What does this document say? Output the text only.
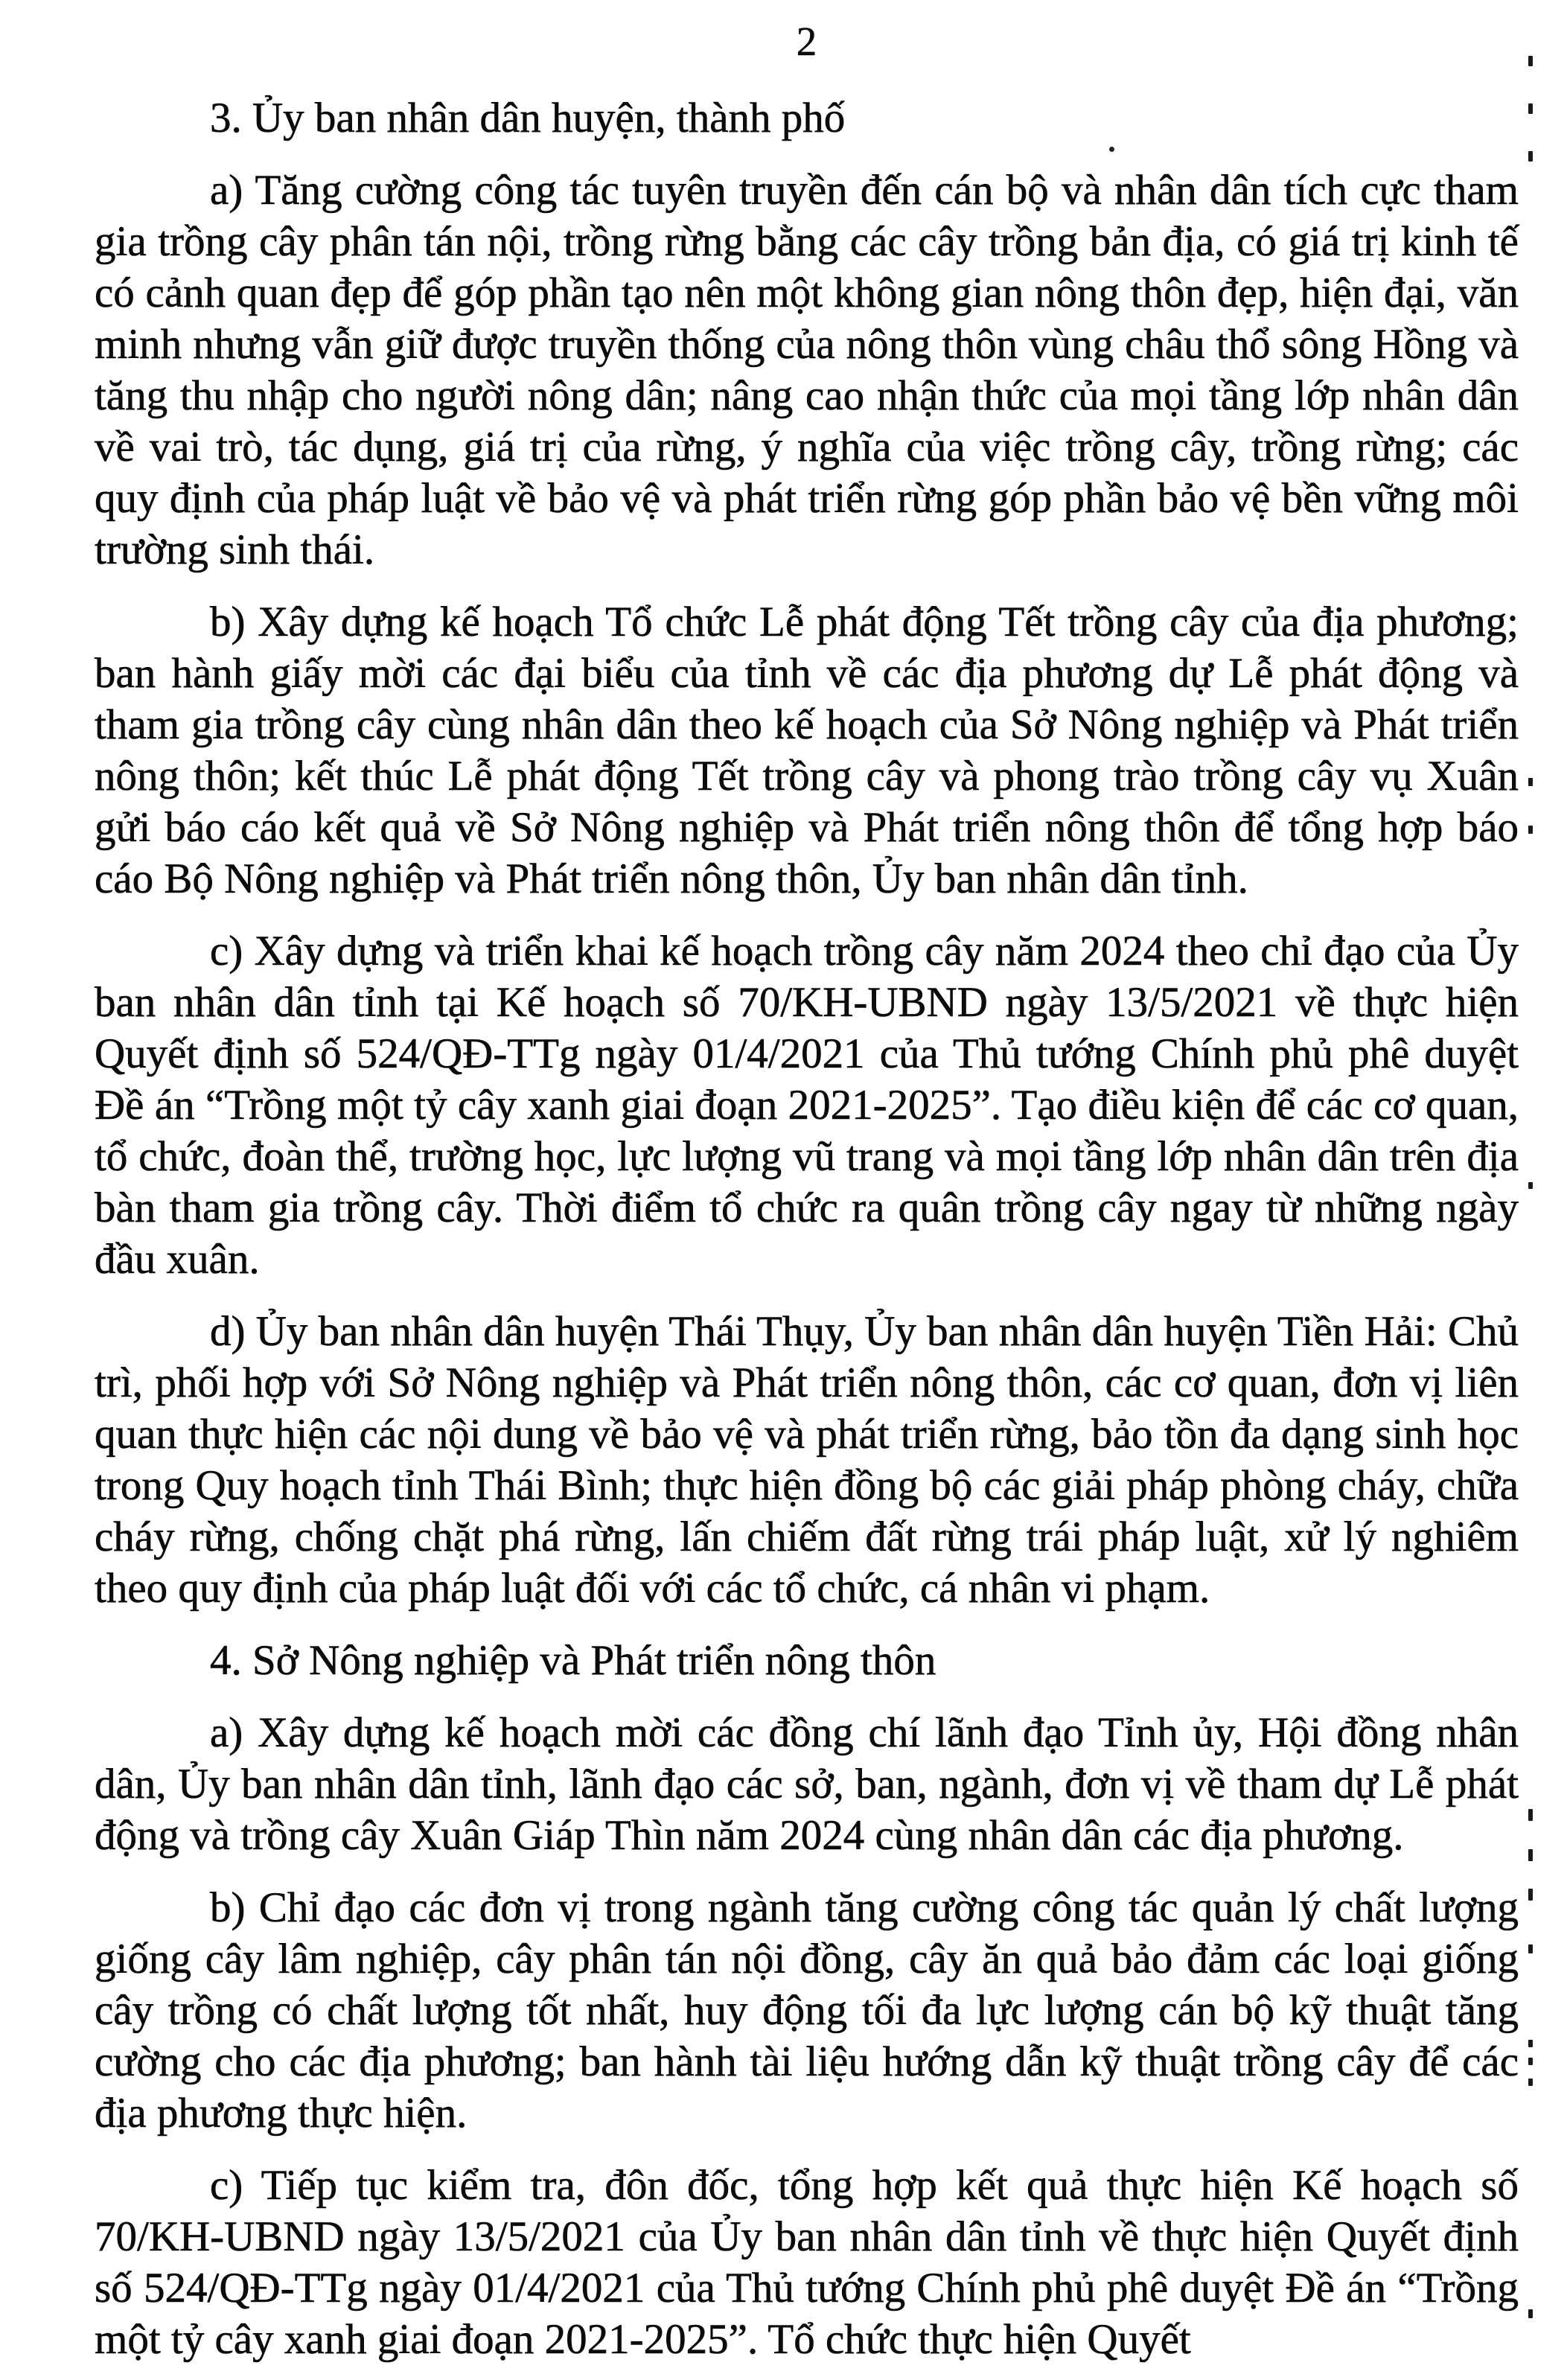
2

3. Ủy ban nhân dân huyện, thành phố

a) Tăng cường công tác tuyên truyền đến cán bộ và nhân dân tích cực tham gia trồng cây phân tán nội, trồng rừng bằng các cây trồng bản địa, có giá trị kinh tế có cảnh quan đẹp để góp phần tạo nên một không gian nông thôn đẹp, hiện đại, văn minh nhưng vẫn giữ được truyền thống của nông thôn vùng châu thổ sông Hồng và tăng thu nhập cho người nông dân; nâng cao nhận thức của mọi tầng lớp nhân dân về vai trò, tác dụng, giá trị của rừng, ý nghĩa của việc trồng cây, trồng rừng; các quy định của pháp luật về bảo vệ và phát triển rừng góp phần bảo vệ bền vững môi trường sinh thái.

b) Xây dựng kế hoạch Tổ chức Lễ phát động Tết trồng cây của địa phương; ban hành giấy mời các đại biểu của tỉnh về các địa phương dự Lễ phát động và tham gia trồng cây cùng nhân dân theo kế hoạch của Sở Nông nghiệp và Phát triển nông thôn; kết thúc Lễ phát động Tết trồng cây và phong trào trồng cây vụ Xuân gửi báo cáo kết quả về Sở Nông nghiệp và Phát triển nông thôn để tổng hợp báo cáo Bộ Nông nghiệp và Phát triển nông thôn, Ủy ban nhân dân tỉnh.

c) Xây dựng và triển khai kế hoạch trồng cây năm 2024 theo chỉ đạo của Ủy ban nhân dân tỉnh tại Kế hoạch số 70/KH-UBND ngày 13/5/2021 về thực hiện Quyết định số 524/QĐ-TTg ngày 01/4/2021 của Thủ tướng Chính phủ phê duyệt Đề án “Trồng một tỷ cây xanh giai đoạn 2021-2025”. Tạo điều kiện để các cơ quan, tổ chức, đoàn thể, trường học, lực lượng vũ trang và mọi tầng lớp nhân dân trên địa bàn tham gia trồng cây. Thời điểm tổ chức ra quân trồng cây ngay từ những ngày đầu xuân.

d) Ủy ban nhân dân huyện Thái Thụy, Ủy ban nhân dân huyện Tiền Hải: Chủ trì, phối hợp với Sở Nông nghiệp và Phát triển nông thôn, các cơ quan, đơn vị liên quan thực hiện các nội dung về bảo vệ và phát triển rừng, bảo tồn đa dạng sinh học trong Quy hoạch tỉnh Thái Bình; thực hiện đồng bộ các giải pháp phòng cháy, chữa cháy rừng, chống chặt phá rừng, lấn chiếm đất rừng trái pháp luật, xử lý nghiêm theo quy định của pháp luật đối với các tổ chức, cá nhân vi phạm.

4. Sở Nông nghiệp và Phát triển nông thôn

a) Xây dựng kế hoạch mời các đồng chí lãnh đạo Tỉnh ủy, Hội đồng nhân dân, Ủy ban nhân dân tỉnh, lãnh đạo các sở, ban, ngành, đơn vị về tham dự Lễ phát động và trồng cây Xuân Giáp Thìn năm 2024 cùng nhân dân các địa phương.

b) Chỉ đạo các đơn vị trong ngành tăng cường công tác quản lý chất lượng giống cây lâm nghiệp, cây phân tán nội đồng, cây ăn quả bảo đảm các loại giống cây trồng có chất lượng tốt nhất, huy động tối đa lực lượng cán bộ kỹ thuật tăng cường cho các địa phương; ban hành tài liệu hướng dẫn kỹ thuật trồng cây để các địa phương thực hiện.

c) Tiếp tục kiểm tra, đôn đốc, tổng hợp kết quả thực hiện Kế hoạch số 70/KH-UBND ngày 13/5/2021 của Ủy ban nhân dân tỉnh về thực hiện Quyết định số 524/QĐ-TTg ngày 01/4/2021 của Thủ tướng Chính phủ phê duyệt Đề án “Trồng một tỷ cây xanh giai đoạn 2021-2025”. Tổ chức thực hiện Quyết
